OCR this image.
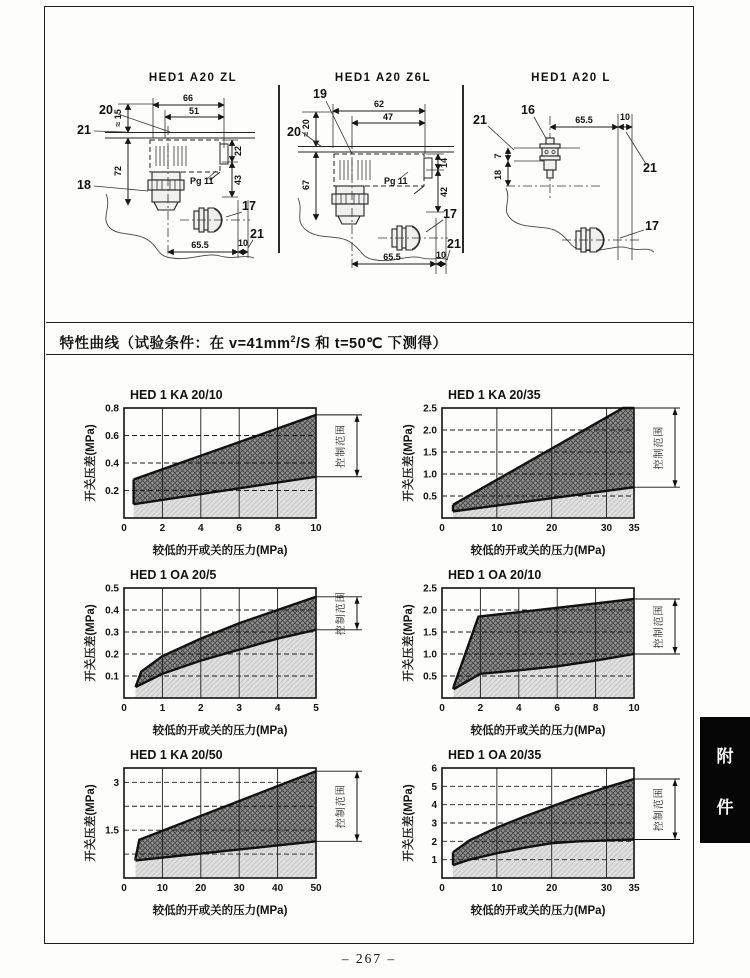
HED1 A20 ZL	HED1 A20 Z6L	HED1 A20 L
66
51
≈ 15
72
22
43
Pg 11
20
21
18
17
21
65.5	10
62
47
≈ 20
67
14
42
19
20
Pg 11
17
21
65.5	10
65.5	10
7
18
21
16
21
17
特性曲线（试验条件：在 $v=41mm^2/S$ 和 t=50℃ 下测得）
HED 1 KA 20/10
0.2
0.4
0.6
0.8
0	2	4	6	8	10
开关压差(MPa)
较低的开或关的压力(MPa)
控制范围
HED 1 KA 20/35
0.5
1.0
1.5
2.0
2.5
0	10	20	30 35
开关压差(MPa)
较低的开或关的压力(MPa)
控制范围
HED 1 OA 20/5
0.1
0.2
0.3
0.4
0.5
0	1	2	3	4	5
开关压差(MPa)
较低的开或关的压力(MPa)
控制范围
HED 1 OA 20/10
0.5
1.0
1.5
2.0
2.5
0	2	4	6	8	10
开关压差(MPa)
较低的开或关的压力(MPa)
控制范围
HED 1 KA 20/50
1.5
3
0	10	20	30	40	50
开关压差(MPa)
较低的开或关的压力(MPa)
控制范围
HED 1 OA 20/35
1
2
3
4
5
6
0	10	20	30 35
开关压差(MPa)
较低的开或关的压力(MPa)
控制范围
附
件
– 267 –
